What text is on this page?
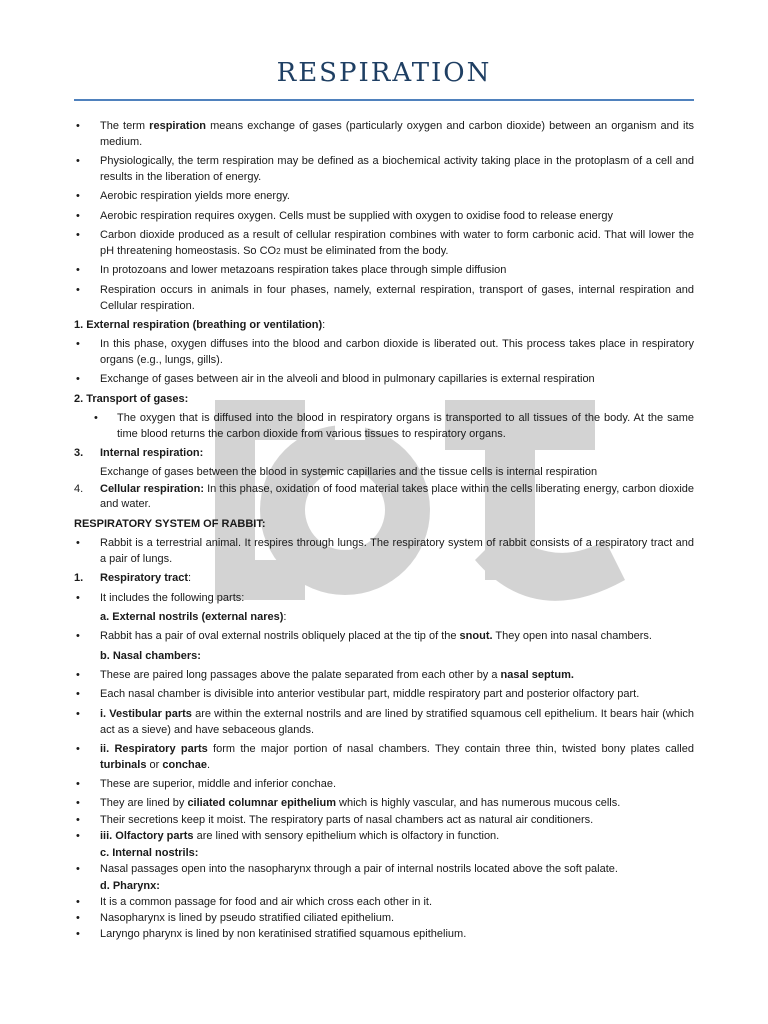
RESPIRATION
• The term respiration means exchange of gases (particularly oxygen and carbon dioxide) between an organism and its medium.
• Physiologically, the term respiration may be defined as a biochemical activity taking place in the protoplasm of a cell and results in the liberation of energy.
• Aerobic respiration yields more energy.
• Aerobic respiration requires oxygen. Cells must be supplied with oxygen to oxidise food to release energy
• Carbon dioxide produced as a result of cellular respiration combines with water to form carbonic acid. That will lower the pH threatening homeostasis. So CO2 must be eliminated from the body.
• In protozoans and lower metazoans respiration takes place through simple diffusion
• Respiration occurs in animals in four phases, namely, external respiration, transport of gases, internal respiration and Cellular respiration.
1. External respiration (breathing or ventilation):
• In this phase, oxygen diffuses into the blood and carbon dioxide is liberated out. This process takes place in respiratory organs (e.g., lungs, gills).
• Exchange of gases between air in the alveoli and blood in pulmonary capillaries is external respiration
2. Transport of gases:
• The oxygen that is diffused into the blood in respiratory organs is transported to all tissues of the body. At the same time blood returns the carbon dioxide from various tissues to respiratory organs.
3. Internal respiration:
Exchange of gases between the blood in systemic capillaries and the tissue cells is internal respiration
4. Cellular respiration: In this phase, oxidation of food material takes place within the cells liberating energy, carbon dioxide and water.
RESPIRATORY SYSTEM OF RABBIT:
• Rabbit is a terrestrial animal. It respires through lungs. The respiratory system of rabbit consists of a respiratory tract and a pair of lungs.
1. Respiratory tract:
• It includes the following parts:
a. External nostrils (external nares):
• Rabbit has a pair of oval external nostrils obliquely placed at the tip of the snout. They open into nasal chambers.
b. Nasal chambers:
• These are paired long passages above the palate separated from each other by a nasal septum.
• Each nasal chamber is divisible into anterior vestibular part, middle respiratory part and posterior olfactory part.
• i. Vestibular parts are within the external nostrils and are lined by stratified squamous cell epithelium. It bears hair (which act as a sieve) and have sebaceous glands.
• ii. Respiratory parts form the major portion of nasal chambers. They contain three thin, twisted bony plates called turbinals or conchae.
• These are superior, middle and inferior conchae.
• They are lined by ciliated columnar epithelium which is highly vascular, and has numerous mucous cells.
• Their secretions keep it moist. The respiratory parts of nasal chambers act as natural air conditioners.
• iii. Olfactory parts are lined with sensory epithelium which is olfactory in function.
c. Internal nostrils:
• Nasal passages open into the nasopharynx through a pair of internal nostrils located above the soft palate.
d. Pharynx:
• It is a common passage for food and air which cross each other in it.
• Nasopharynx is lined by pseudo stratified ciliated epithelium.
• Laryngo pharynx is lined by non keratinised stratified squamous epithelium.
